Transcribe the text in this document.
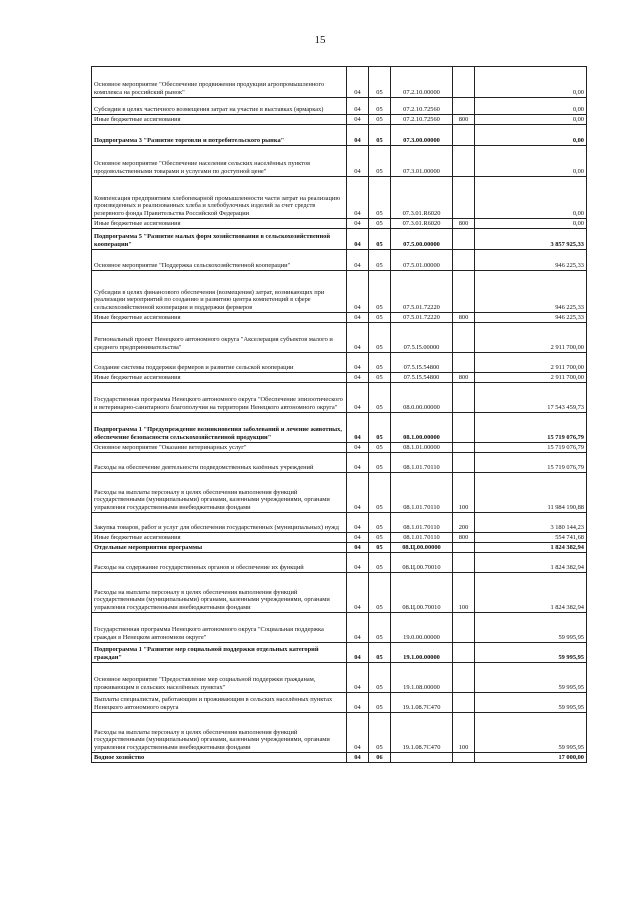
15
Основное мероприятие "Обеспечение продвижения продукции агропромышленного комплекса на российский рынок"	04	05	07.2.10.00000		0,00
Субсидии в целях частичного возмещения затрат на участие в выставках (ярмарках)	04	05	07.2.10.72560		0,00
Иные бюджетные ассигнования	04	05	07.2.10.72560	800	0,00
Подпрограмма 3 "Развитие торговли и потребительского рынка"	04	05	07.3.00.00000		0,00
Основное мероприятие "Обеспечение населения сельских населённых пунктов продовольственными товарами и услугами по доступной цене"	04	05	07.3.01.00000		0,00
Компенсация предприятиям хлебопекарной промышленности части затрат на реализацию произведенных и реализованных хлеба и хлебобулочных изделий за счет средств резервного фонда Правительства Российской Федерации	04	05	07.3.01.R6020		0,00
Иные бюджетные ассигнования	04	05	07.3.01.R6020	800	0,00
Подпрограмма 5 "Развитие малых форм хозяйствования в сельскохозяйственной кооперации"	04	05	07.5.00.00000		3 857 925,33
Основное мероприятие "Поддержка сельскохозяйственной кооперации"	04	05	07.5.01.00000		946 225,33
Субсидии в целях финансового обеспечения (возмещения) затрат, возникающих при реализации мероприятий по созданию и развитию центра компетенций в сфере сельскохозяйственной кооперации и поддержки фермеров	04	05	07.5.01.72220		946 225,33
Иные бюджетные ассигнования	04	05	07.5.01.72220	800	946 225,33
Региональный проект Ненецкого автономного округа "Акселерация субъектов малого и среднего предпринимательства"	04	05	07.5.I5.00000		2 911 700,00
Создание системы поддержки фермеров и развитие сельской кооперации	04	05	07.5.I5.54800		2 911 700,00
Иные бюджетные ассигнования	04	05	07.5.I5.54800	800	2 911 700,00
Государственная программа Ненецкого автономного округа "Обеспечение эпизоотического и ветеринарно-санитарного благополучия на территории Ненецкого автономного округа"	04	05	08.0.00.00000		17 543 459,73
Подпрограмма 1 "Предупреждение возникновения заболеваний и лечение животных, обеспечение безопасности сельскохозяйственной продукции"	04	05	08.1.00.00000		15 719 076,79
Основное мероприятие "Оказание ветеринарных услуг"	04	05	08.1.01.00000		15 719 076,79
Расходы на обеспечение деятельности подведомственных казённых учреждений	04	05	08.1.01.70110		15 719 076,79
Расходы на выплаты персоналу в целях обеспечения выполнения функций государственными (муниципальными) органами, казенными учреждениями, органами управления государственными внебюджетными фондами	04	05	08.1.01.70110	100	11 984 190,88
Закупка товаров, работ и услуг для обеспечения государственных (муниципальных) нужд	04	05	08.1.01.70110	200	3 180 144,23
Иные бюджетные ассигнования	04	05	08.1.01.70110	800	554 741,68
Отдельные мероприятия программы	04	05	08.Ц.00.00000		1 824 382,94
Расходы на содержание государственных органов и обеспечение их функций	04	05	08.Ц.00.70010		1 824 382,94
Расходы на выплаты персоналу в целях обеспечения выполнения функций государственными (муниципальными) органами, казенными учреждениями, органами управления государственными внебюджетными фондами	04	05	08.Ц.00.70010	100	1 824 382,94
Государственная программа Ненецкого автономного округа "Социальная поддержка граждан в Ненецком автономном округе"	04	05	19.0.00.00000		59 995,95
Подпрограмма 1 "Развитие мер социальной поддержки отдельных категорий граждан"	04	05	19.1.00.00000		59 995,95
Основное мероприятие "Предоставление мер социальной поддержки гражданам, проживающим в сельских населённых пунктах"	04	05	19.1.08.00000		59 995,95
Выплаты специалистам, работающим и проживающим в сельских населённых пунктах Ненецкого автономного округа	04	05	19.1.08.7C470		59 995,95
Расходы на выплаты персоналу в целях обеспечения выполнения функций государственными (муниципальными) органами, казенными учреждениями, органами управления государственными внебюджетными фондами	04	05	19.1.08.7C470	100	59 995,95
Водное хозяйство	04	06			17 000,00
